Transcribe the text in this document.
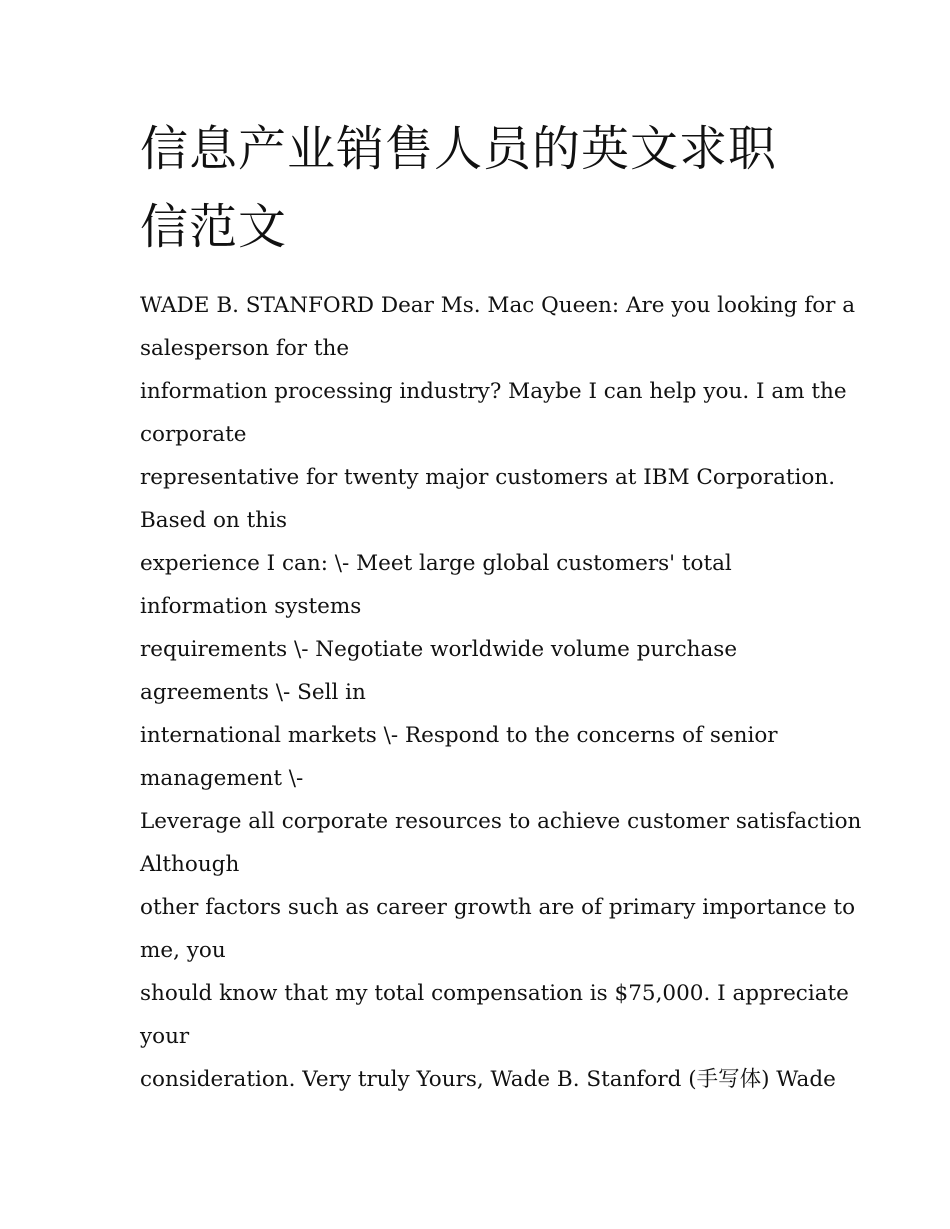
信息产业销售人员的英文求职
信范文

WADE B. STANFORD Dear Ms. Mac Queen: Are you looking for a

salesperson for the

information processing industry? Maybe I can help you. I am the

corporate

representative for twenty major customers at IBM Corporation.

Based on this

experience I can: \- Meet large global customers' total

information systems

requirements \- Negotiate worldwide volume purchase

agreements \- Sell in

international markets \- Respond to the concerns of senior

management \-

Leverage all corporate resources to achieve customer satisfaction

Although

other factors such as career growth are of primary importance to

me, you

should know that my total compensation is $75,000. I appreciate

your

consideration. Very truly Yours, Wade B. Stanford (手写体) Wade
